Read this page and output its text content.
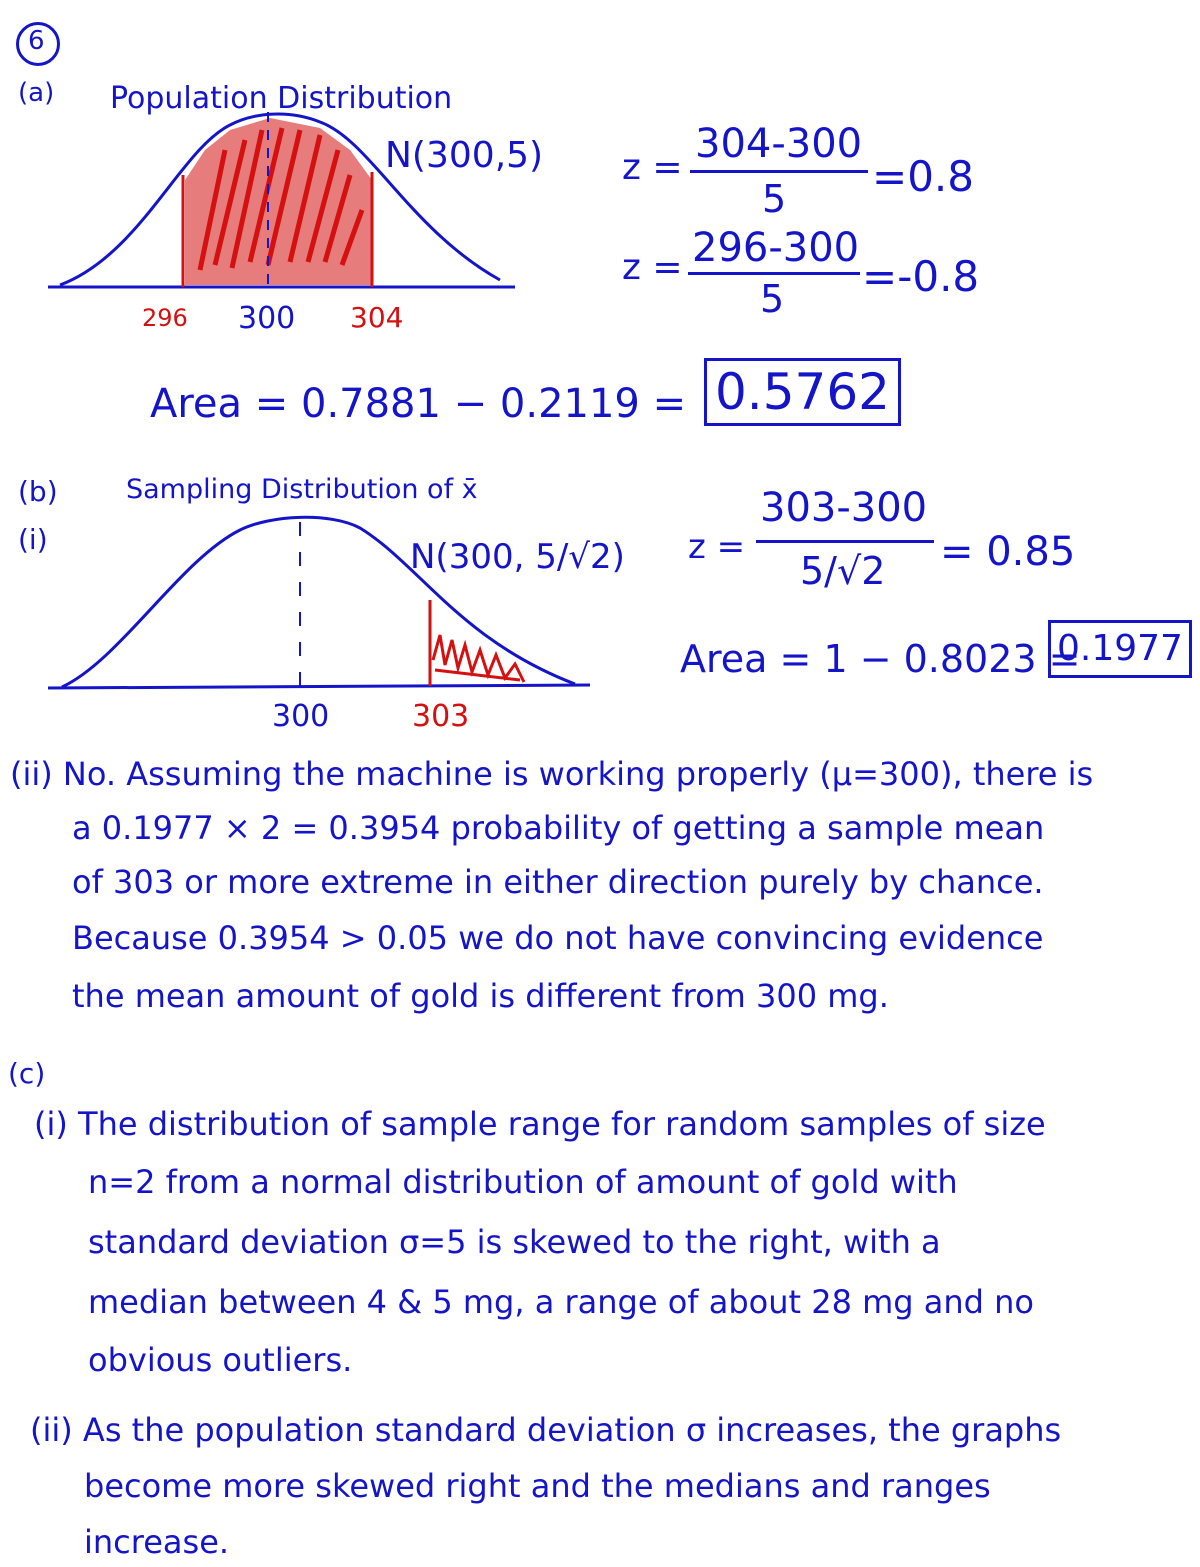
6
(a) Population Distribution
N(300,5)
296 300 304
z =
304-300
5 =0.8
z = 296-300
5 =-0.8
Area = 0.7881 − 0.2119 = 0.5762
(b)
(i)
Sampling Distribution of x̄
N(300, 5/√2)
300	303
z =
303-300
5/√2 = 0.85
Area = 1 − 0.8023 =
0.1977
(ii) No. Assuming the machine is working properly (μ=300), there is
a 0.1977 × 2 = 0.3954 probability of getting a sample mean
of 303 or more extreme in either direction purely by chance.
Because 0.3954 > 0.05 we do not have convincing evidence
the mean amount of gold is different from 300 mg.
(c)
(i) The distribution of sample range for random samples of size
n=2 from a normal distribution of amount of gold with
standard deviation σ=5 is skewed to the right, with a
median between 4 & 5 mg, a range of about 28 mg and no
obvious outliers.
(ii) As the population standard deviation σ increases, the graphs
become more skewed right and the medians and ranges
increase.
